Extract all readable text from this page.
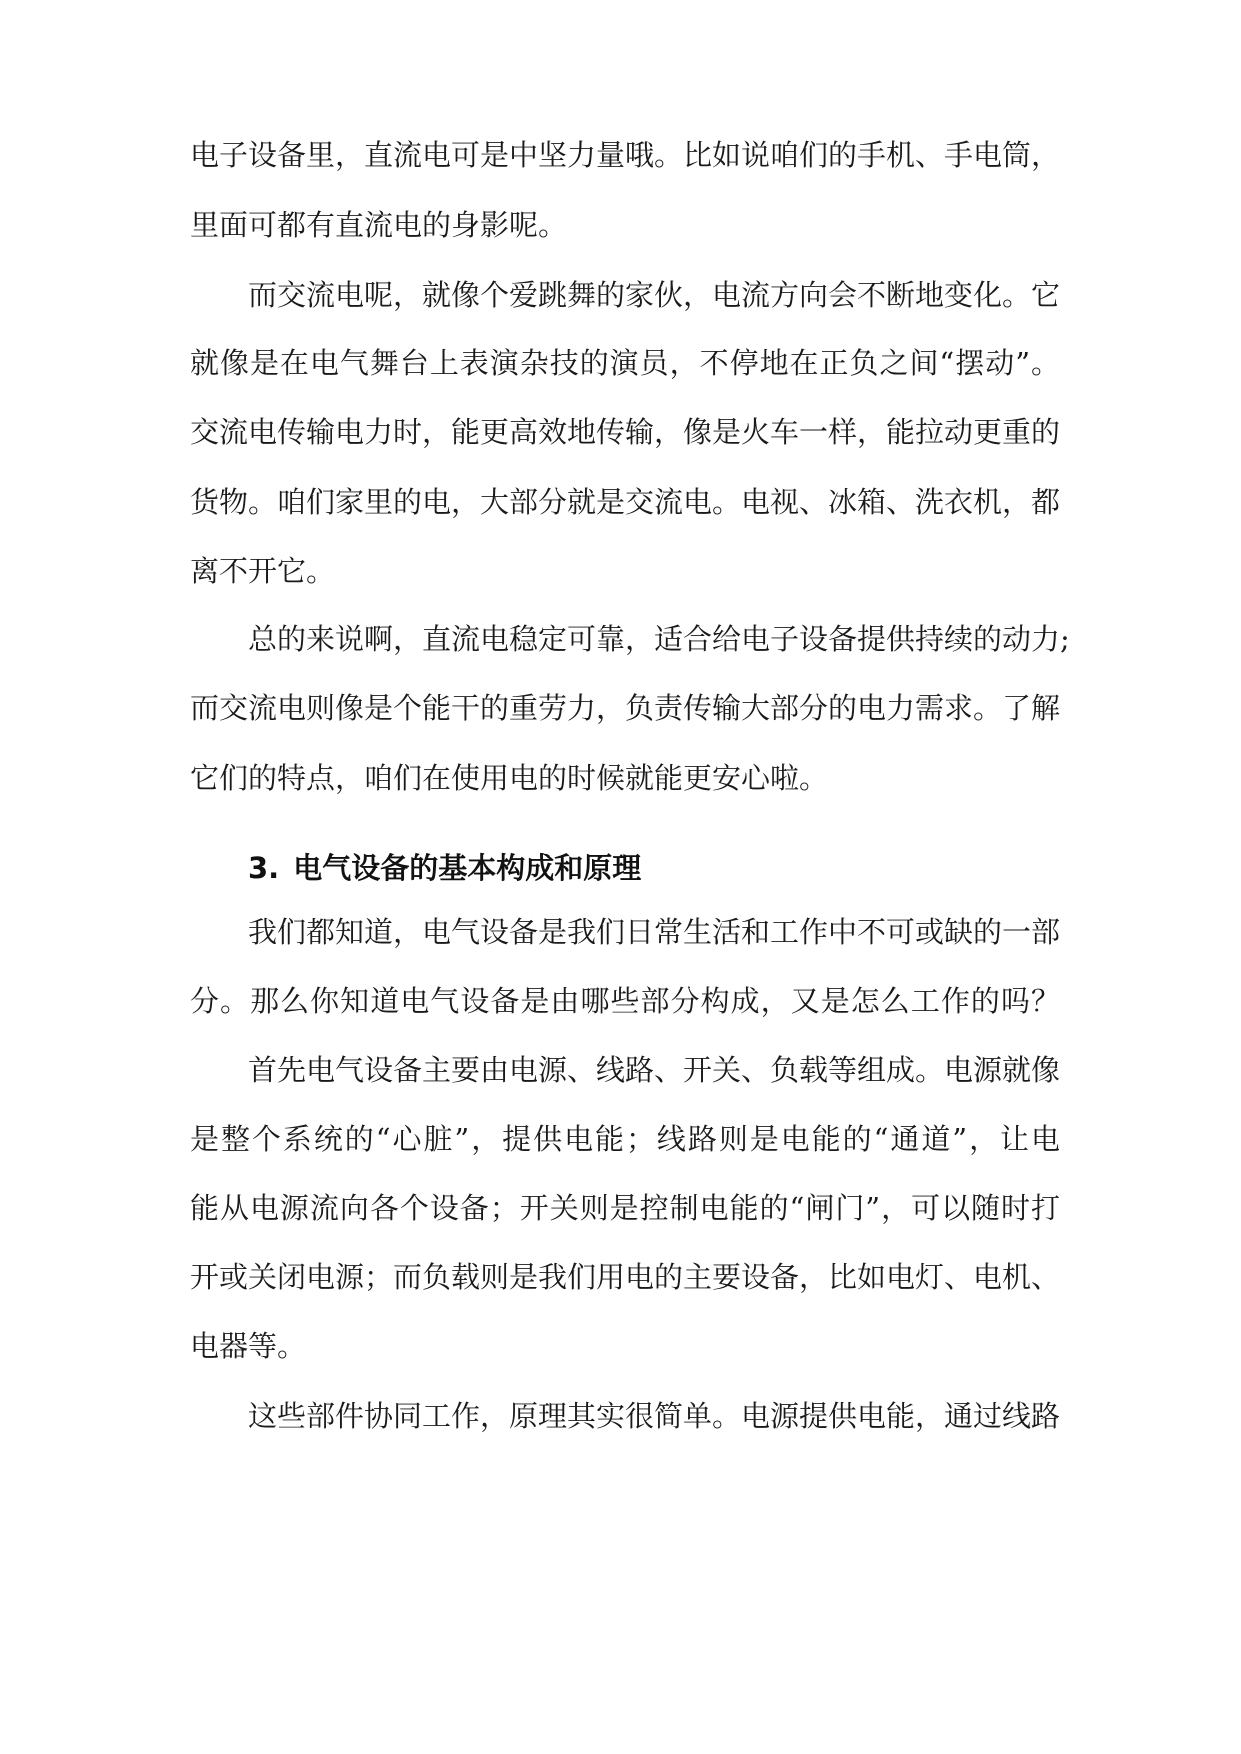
电子设备里，直流电可是中坚力量哦。比如说咱们的手机、手电筒，
里面可都有直流电的身影呢。
而交流电呢，就像个爱跳舞的家伙，电流方向会不断地变化。它
就像是在电气舞台上表演杂技的演员，不停地在正负之间“摆动”。
交流电传输电力时，能更高效地传输，像是火车一样，能拉动更重的
货物。咱们家里的电，大部分就是交流电。电视、冰箱、洗衣机，都
离不开它。
总的来说啊，直流电稳定可靠，适合给电子设备提供持续的动力;
而交流电则像是个能干的重劳力，负责传输大部分的电力需求。了解
它们的特点，咱们在使用电的时候就能更安心啦。
3. 电气设备的基本构成和原理
我们都知道，电气设备是我们日常生活和工作中不可或缺的一部
分。那么你知道电气设备是由哪些部分构成，又是怎么工作的吗？
首先电气设备主要由电源、线路、开关、负载等组成。电源就像
是整个系统的“心脏”，提供电能；线路则是电能的“通道”，让电
能从电源流向各个设备；开关则是控制电能的“闸门”，可以随时打
开或关闭电源；而负载则是我们用电的主要设备，比如电灯、电机、
电器等。
这些部件协同工作，原理其实很简单。电源提供电能，通过线路
